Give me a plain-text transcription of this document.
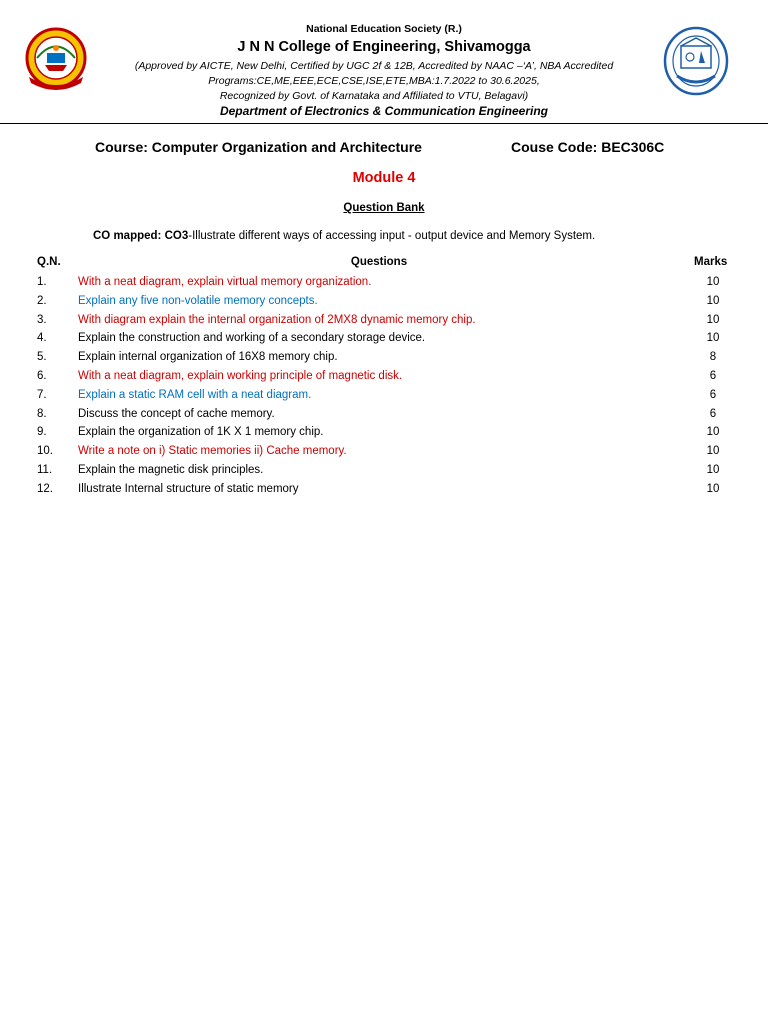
National Education Society (R.)
J N N College of Engineering, Shivamogga
(Approved by AICTE, New Delhi, Certified by UGC 2f & 12B, Accredited by NAAC –‘A’, NBA Accredited
Programs:CE,ME,EEE,ECE,CSE,ISE,ETE,MBA:1.7.2022 to 30.6.2025,
Recognized by Govt. of Karnataka and Affiliated to VTU, Belagavi)
Department of Electronics & Communication Engineering
Course: Computer Organization and Architecture	Couse Code: BEC306C
Module 4
Question Bank
CO mapped: CO3-Illustrate different ways of accessing input - output device and Memory System.
Q.N.	Questions	Marks
1.	With a neat diagram, explain virtual memory organization.	10
2.	Explain any five non-volatile memory concepts.	10
3.	With diagram explain the internal organization of 2MX8 dynamic memory chip.	10
4.	Explain the construction and working of a secondary storage device.	10
5.	Explain internal organization of 16X8 memory chip.	8
6.	With a neat diagram, explain working principle of magnetic disk.	6
7.	Explain a static RAM cell with a neat diagram.	6
8.	Discuss the concept of cache memory.	6
9.	Explain the organization of 1K X 1 memory chip.	10
10. Write a note on i) Static memories ii) Cache memory.	10
11. Explain the magnetic disk principles.	10
12. Illustrate Internal structure of static memory	10
